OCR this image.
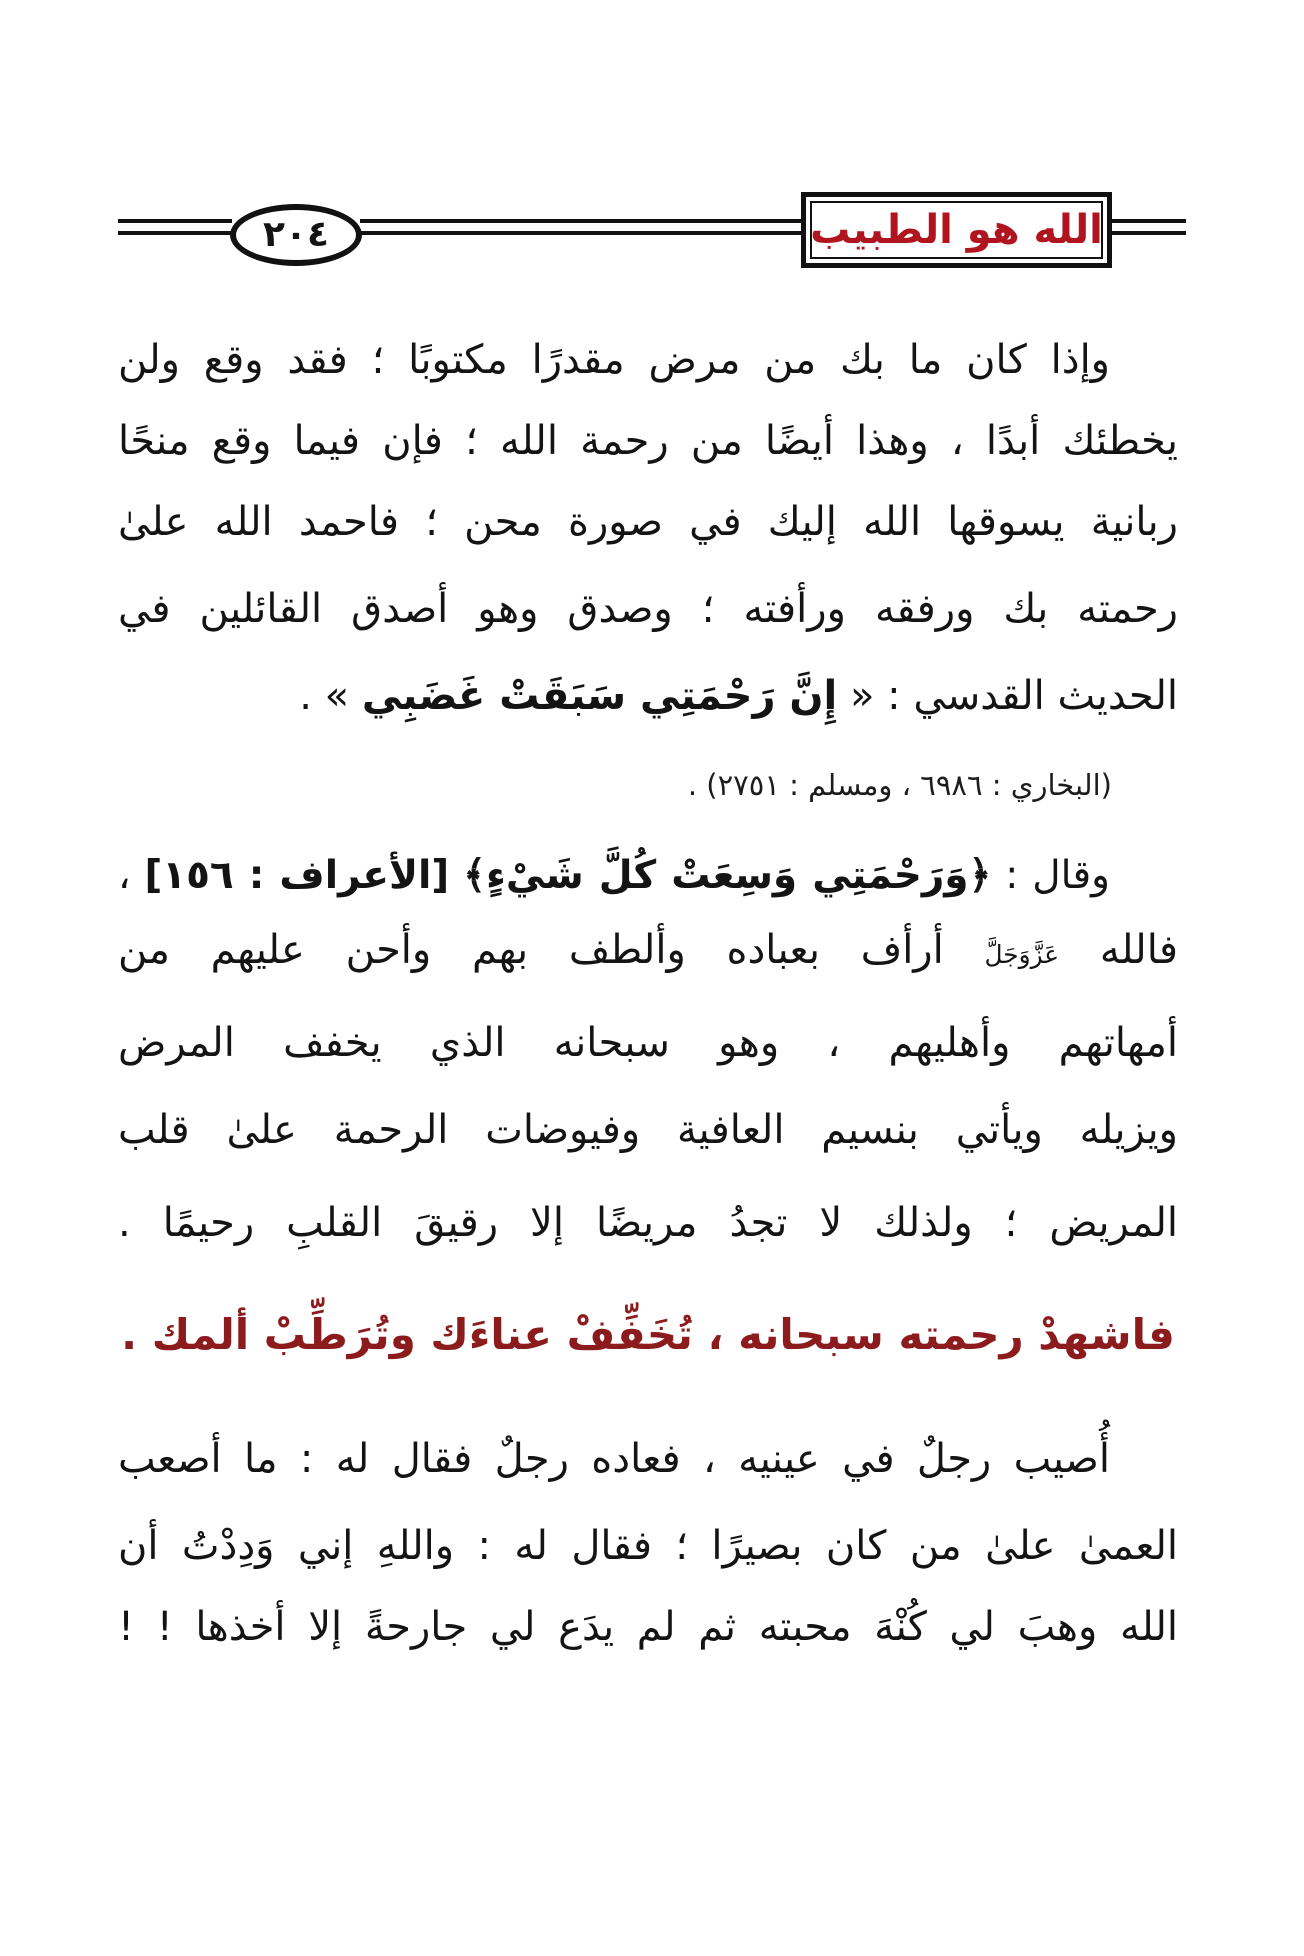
٢٠٤	الله هو الطبيب
وإذا كان ما بك من مرض مقدرًا مكتوبًا ؛ فقد وقع ولن
يخطئك أبدًا ، وهذا أيضًا من رحمة الله ؛ فإن فيما وقع منحًا
ربانية يسوقها الله إليك في صورة محن ؛ فاحمد الله علىٰ
رحمته بك ورفقه ورأفته ؛ وصدق وهو أصدق القائلين في
الحديث القدسي : « إِنَّ رَحْمَتِي سَبَقَتْ غَضَبِي » .
(البخاري : ٦٩٨٦ ، ومسلم : ٢٧٥١) .
وقال : ﴿وَرَحْمَتِي وَسِعَتْ كُلَّ شَيْءٍ﴾ [الأعراف : ١٥٦] ،
فالله عَزَّوَجَلَّ أرأف بعباده وألطف بهم وأحن عليهم من
أمهاتهم وأهليهم ، وهو سبحانه الذي يخفف المرض
ويزيله ويأتي بنسيم العافية وفيوضات الرحمة علىٰ قلب
المريض ؛ ولذلك لا تجدُ مريضًا إلا رقيقَ القلبِ رحيمًا .
فاشهدْ رحمته سبحانه ، تُخَفِّفْ عناءَك وتُرَطِّبْ ألمك .
أُصيب رجلٌ في عينيه ، فعاده رجلٌ فقال له : ما أصعب
العمىٰ علىٰ من كان بصيرًا ؛ فقال له : واللهِ إني وَدِدْتُ أن
الله وهبَ لي كُنْهَ محبته ثم لم يدَع لي جارحةً إلا أخذها ! !
